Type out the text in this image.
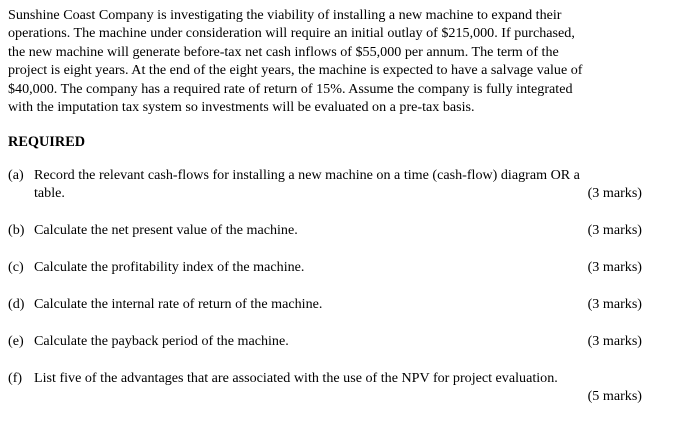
Sunshine Coast Company is investigating the viability of installing a new machine to expand their
operations. The machine under consideration will require an initial outlay of $215,000. If purchased,
the new machine will generate before-tax net cash inflows of $55,000 per annum. The term of the
project is eight years. At the end of the eight years, the machine is expected to have a salvage value of
$40,000. The company has a required rate of return of 15%. Assume the company is fully integrated
with the imputation tax system so investments will be evaluated on a pre-tax basis.
REQUIRED
(a) Record the relevant cash-flows for installing a new machine on a time (cash-flow) diagram OR a
table.	(3 marks)
(b) Calculate the net present value of the machine.	(3 marks)
(c) Calculate the profitability index of the machine.	(3 marks)
(d) Calculate the internal rate of return of the machine.	(3 marks)
(e) Calculate the payback period of the machine.	(3 marks)
(f) List five of the advantages that are associated with the use of the NPV for project evaluation.
(5 marks)
